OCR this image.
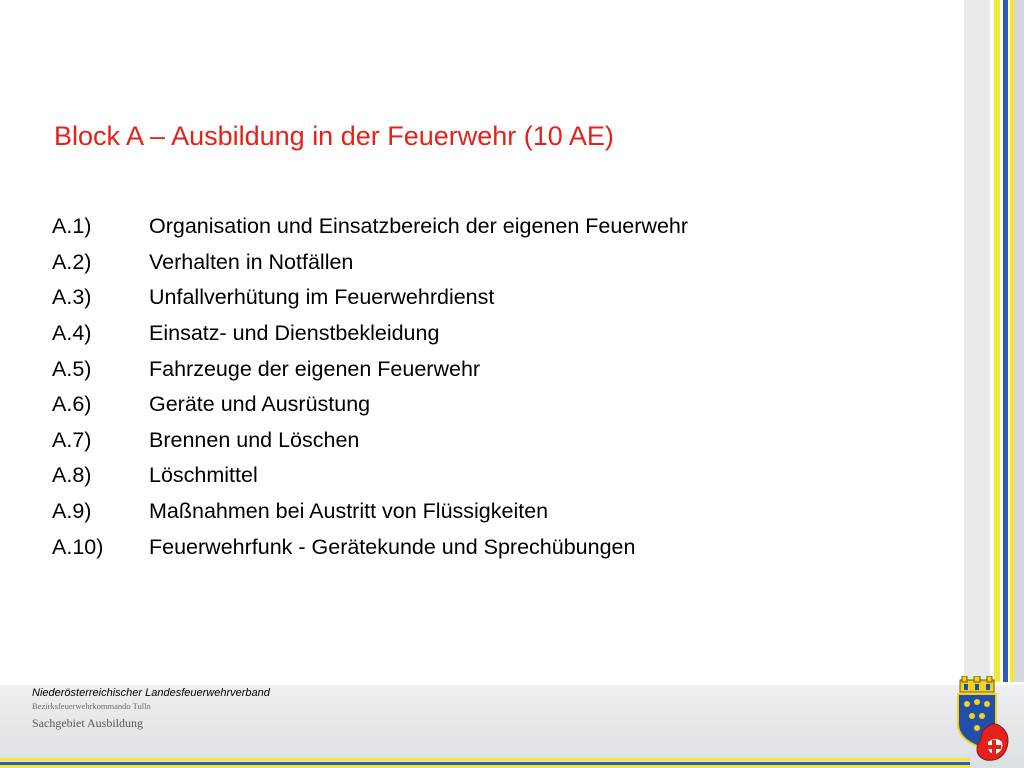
Block A – Ausbildung in der Feuerwehr (10 AE)
A.1)	Organisation und Einsatzbereich der eigenen Feuerwehr
A.2)	Verhalten in Notfällen
A.3)	Unfallverhütung im Feuerwehrdienst
A.4)	Einsatz- und Dienstbekleidung
A.5)	Fahrzeuge der eigenen Feuerwehr
A.6)	Geräte und Ausrüstung
A.7)	Brennen und Löschen
A.8)	Löschmittel
A.9)	Maßnahmen bei Austritt von Flüssigkeiten
A.10)	Feuerwehrfunk - Gerätekunde und Sprechübungen
Niederösterreichischer Landesfeuerwehrverband
Bezirksfeuerwehrkommando Tulln
Sachgebiet Ausbildung
